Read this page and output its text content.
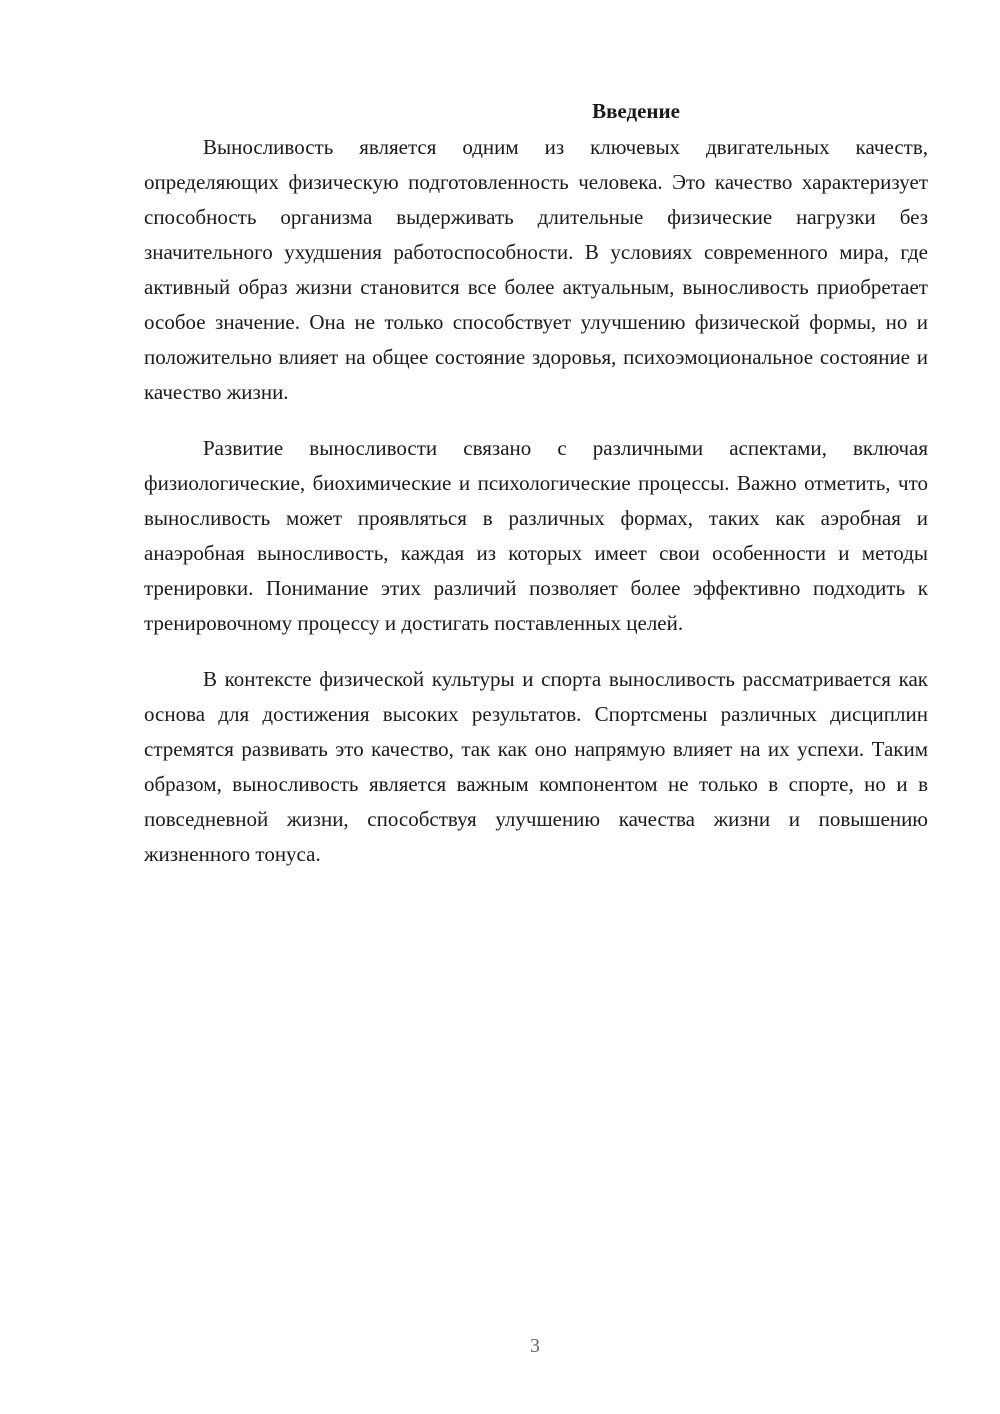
Введение

Выносливость является одним из ключевых двигательных качеств, определяющих физическую подготовленность человека. Это качество характеризует способность организма выдерживать длительные физические нагрузки без значительного ухудшения работоспособности. В условиях современного мира, где активный образ жизни становится все более актуальным, выносливость приобретает особое значение. Она не только способствует улучшению физической формы, но и положительно влияет на общее состояние здоровья, психоэмоциональное состояние и качество жизни.

Развитие выносливости связано с различными аспектами, включая физиологические, биохимические и психологические процессы. Важно отметить, что выносливость может проявляться в различных формах, таких как аэробная и анаэробная выносливость, каждая из которых имеет свои особенности и методы тренировки. Понимание этих различий позволяет более эффективно подходить к тренировочному процессу и достигать поставленных целей.

В контексте физической культуры и спорта выносливость рассматривается как основа для достижения высоких результатов. Спортсмены различных дисциплин стремятся развивать это качество, так как оно напрямую влияет на их успехи. Таким образом, выносливость является важным компонентом не только в спорте, но и в повседневной жизни, способствуя улучшению качества жизни и повышению жизненного тонуса.

3
